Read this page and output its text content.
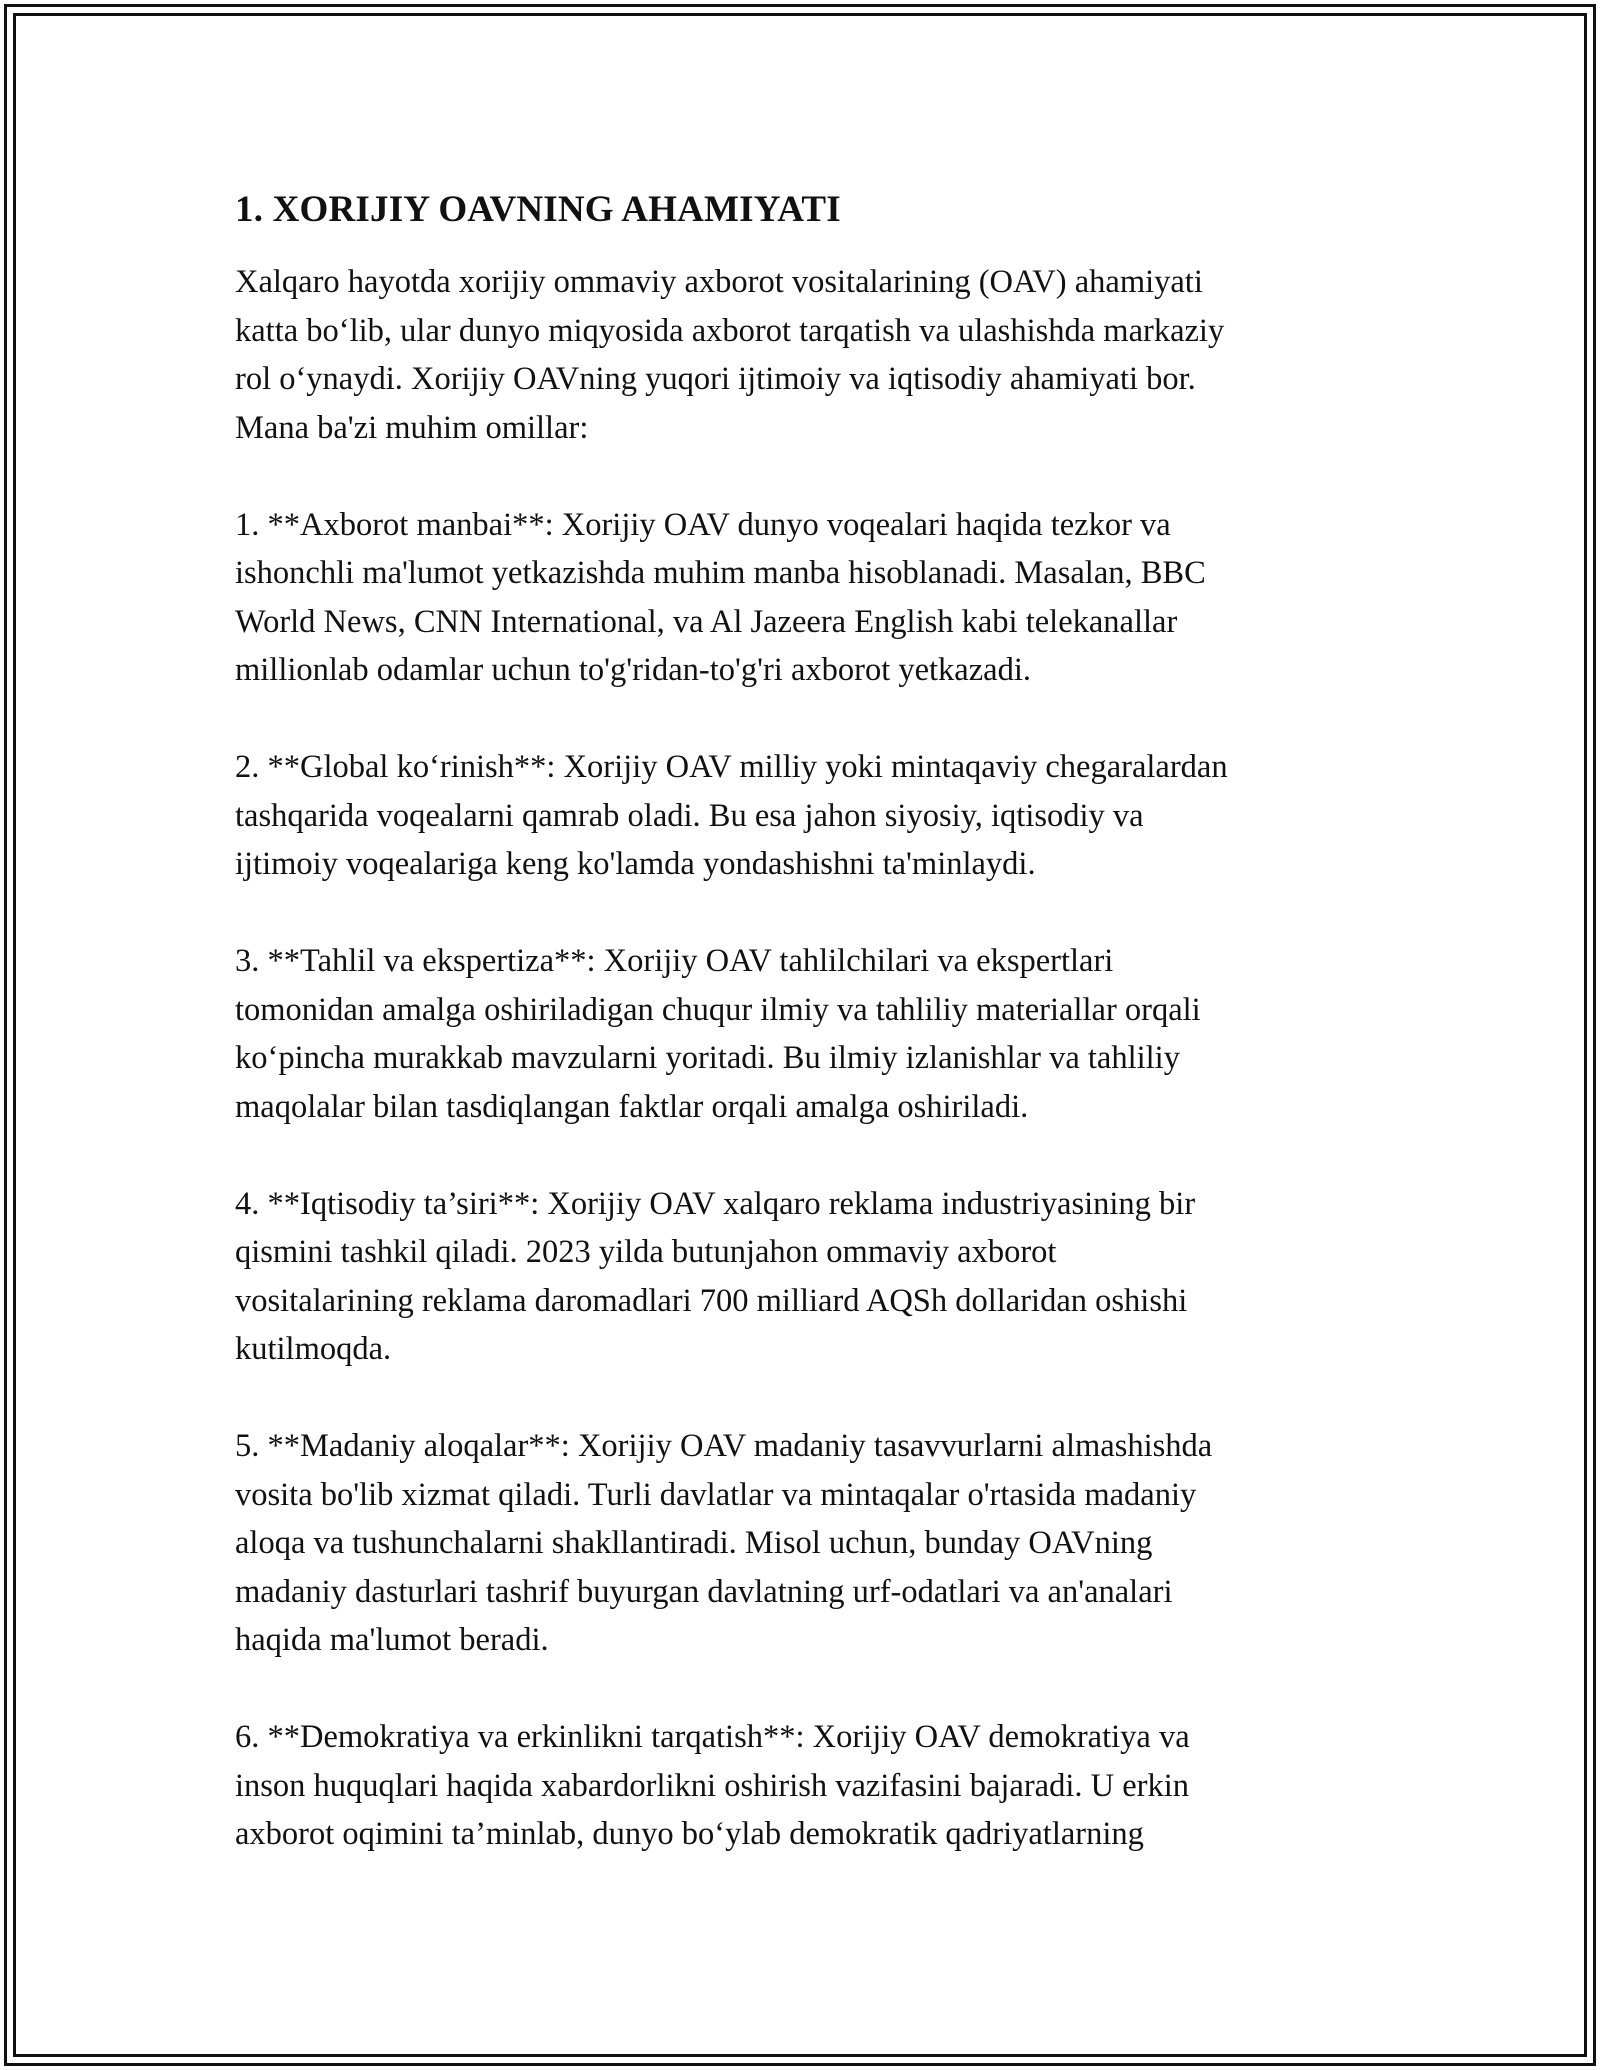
1. XORIJIY OAVNING AHAMIYATI

Xalqaro hayotda xorijiy ommaviy axborot vositalarining (OAV) ahamiyati
katta bo‘lib, ular dunyo miqyosida axborot tarqatish va ulashishda markaziy
rol o‘ynaydi. Xorijiy OAVning yuqori ijtimoiy va iqtisodiy ahamiyati bor.
Mana ba'zi muhim omillar:

1. **Axborot manbai**: Xorijiy OAV dunyo voqealari haqida tezkor va
ishonchli ma'lumot yetkazishda muhim manba hisoblanadi. Masalan, BBC
World News, CNN International, va Al Jazeera English kabi telekanallar
millionlab odamlar uchun to'g'ridan-to'g'ri axborot yetkazadi.

2. **Global ko‘rinish**: Xorijiy OAV milliy yoki mintaqaviy chegaralardan
tashqarida voqealarni qamrab oladi. Bu esa jahon siyosiy, iqtisodiy va
ijtimoiy voqealariga keng ko'lamda yondashishni ta'minlaydi.

3. **Tahlil va ekspertiza**: Xorijiy OAV tahlilchilari va ekspertlari
tomonidan amalga oshiriladigan chuqur ilmiy va tahliliy materiallar orqali
ko‘pincha murakkab mavzularni yoritadi. Bu ilmiy izlanishlar va tahliliy
maqolalar bilan tasdiqlangan faktlar orqali amalga oshiriladi.

4. **Iqtisodiy ta’siri**: Xorijiy OAV xalqaro reklama industriyasining bir
qismini tashkil qiladi. 2023 yilda butunjahon ommaviy axborot
vositalarining reklama daromadlari 700 milliard AQSh dollaridan oshishi
kutilmoqda.

5. **Madaniy aloqalar**: Xorijiy OAV madaniy tasavvurlarni almashishda
vosita bo'lib xizmat qiladi. Turli davlatlar va mintaqalar o'rtasida madaniy
aloqa va tushunchalarni shakllantiradi. Misol uchun, bunday OAVning
madaniy dasturlari tashrif buyurgan davlatning urf-odatlari va an'analari
haqida ma'lumot beradi.

6. **Demokratiya va erkinlikni tarqatish**: Xorijiy OAV demokratiya va
inson huquqlari haqida xabardorlikni oshirish vazifasini bajaradi. U erkin
axborot oqimini ta’minlab, dunyo bo‘ylab demokratik qadriyatlarning
